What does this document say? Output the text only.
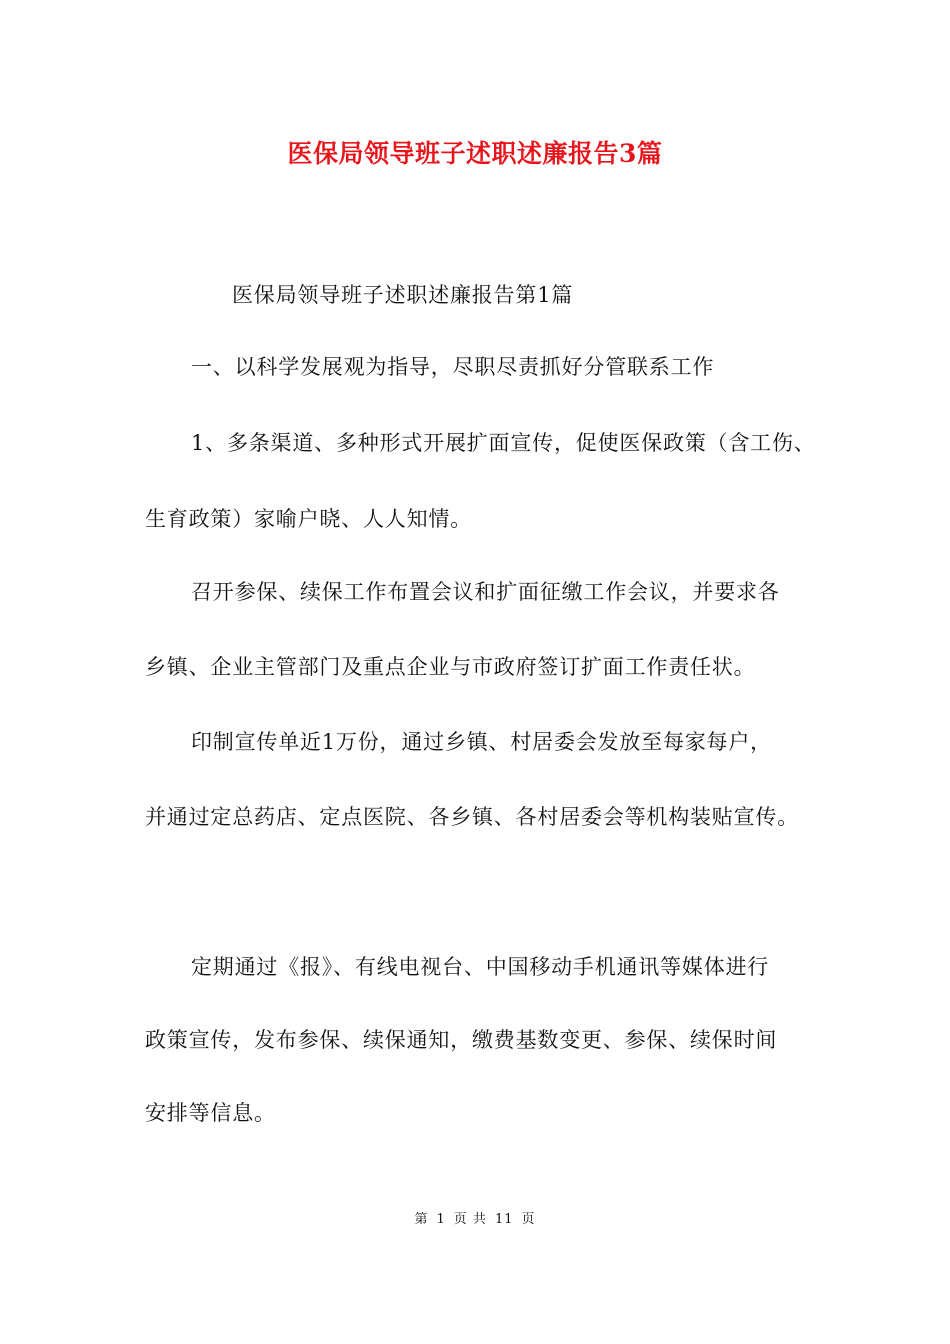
医保局领导班子述职述廉报告3篇
医保局领导班子述职述廉报告第1篇
一、以科学发展观为指导，尽职尽责抓好分管联系工作
1、多条渠道、多种形式开展扩面宣传，促使医保政策（含工伤、
生育政策）家喻户晓、人人知情。
召开参保、续保工作布置会议和扩面征缴工作会议，并要求各
乡镇、企业主管部门及重点企业与市政府签订扩面工作责任状。
印制宣传单近1万份，通过乡镇、村居委会发放至每家每户，
并通过定总药店、定点医院、各乡镇、各村居委会等机构装贴宣传。
定期通过《报》、有线电视台、中国移动手机通讯等媒体进行
政策宣传，发布参保、续保通知，缴费基数变更、参保、续保时间
安排等信息。
第 1 页 共 11 页
